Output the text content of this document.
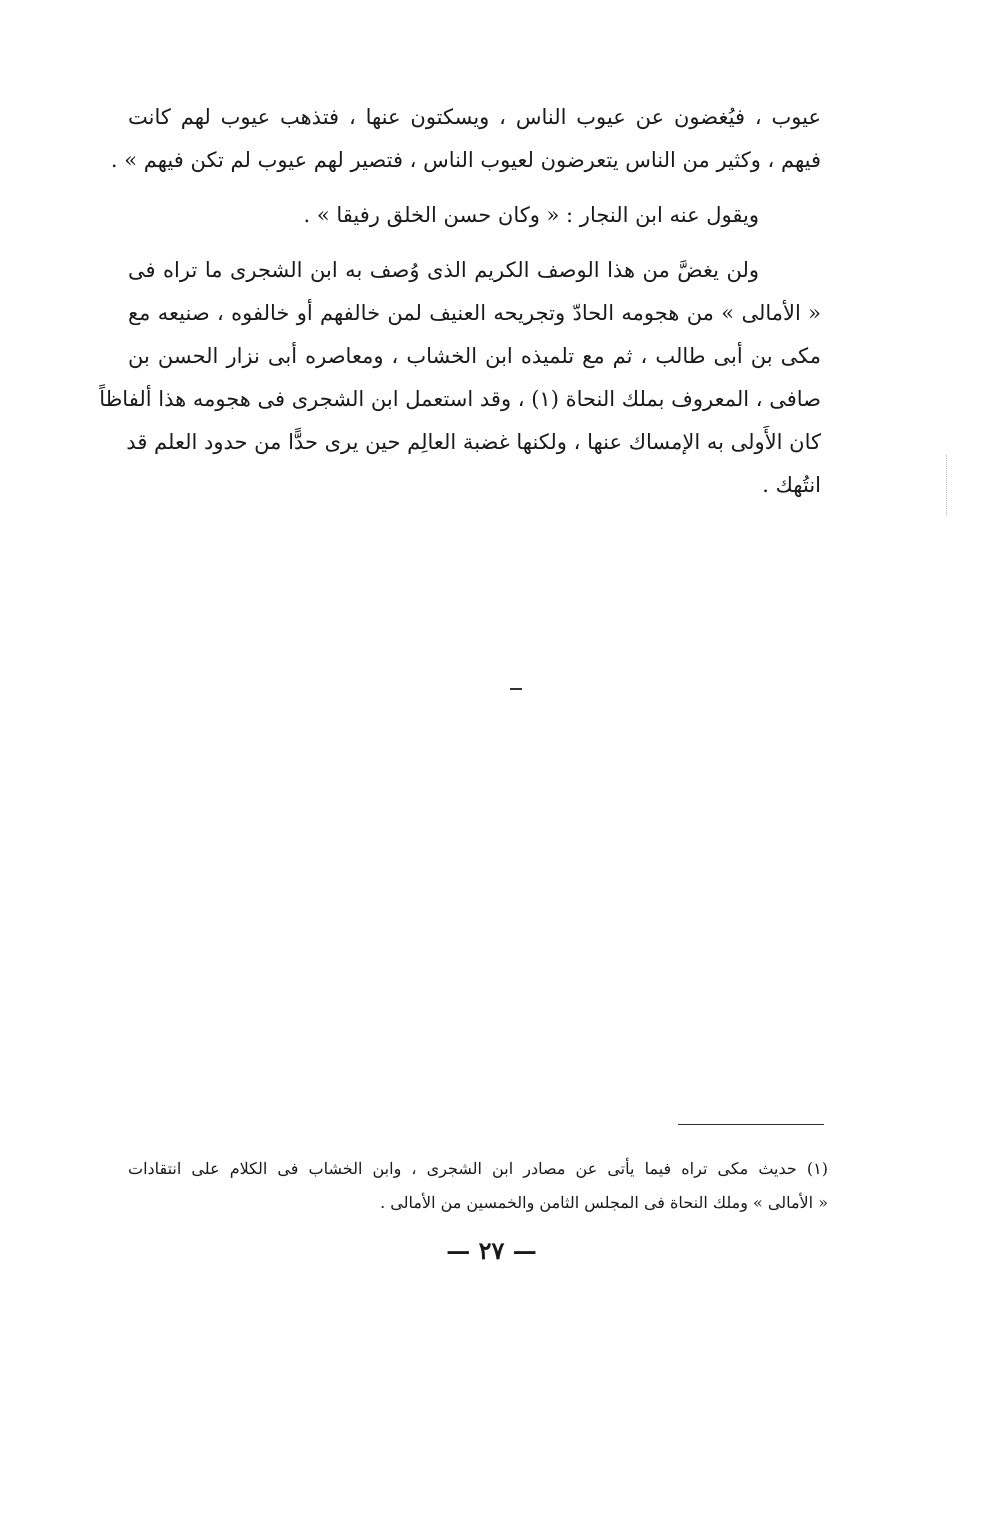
عيوب ، فيُغضون عن عيوب الناس ، ويسكتون عنها ، فتذهب عيوب لهم كانت
فيهم ، وكثير من الناس يتعرضون لعيوب الناس ، فتصير لهم عيوب لم تكن فيهم » .
ويقول عنه ابن النجار : « وكان حسن الخلق رفيقا » .
ولن يغضَّ من هذا الوصف الكريم الذى وُصف به ابن الشجرى ما تراه فى
« الأمالى » من هجومه الحادّ وتجريحه العنيف لمن خالفهم أو خالفوه ، صنيعه مع
مكى بن أبى طالب ، ثم مع تلميذه ابن الخشاب ، ومعاصره أبى نزار الحسن بن
صافى ، المعروف بملك النحاة (١) ، وقد استعمل ابن الشجرى فى هجومه هذا ألفاظاً
كان الأَولى به الإمساك عنها ، ولكنها غضبة العالِم حين يرى حدًّا من حدود العلم قد
انتُهك .
(١) حديث مكى تراه فيما يأتى عن مصادر ابن الشجرى ، وابن الخشاب فى الكلام على انتقادات
« الأمالى » وملك النحاة فى المجلس الثامن والخمسين من الأمالى .
— ٢٧ —
